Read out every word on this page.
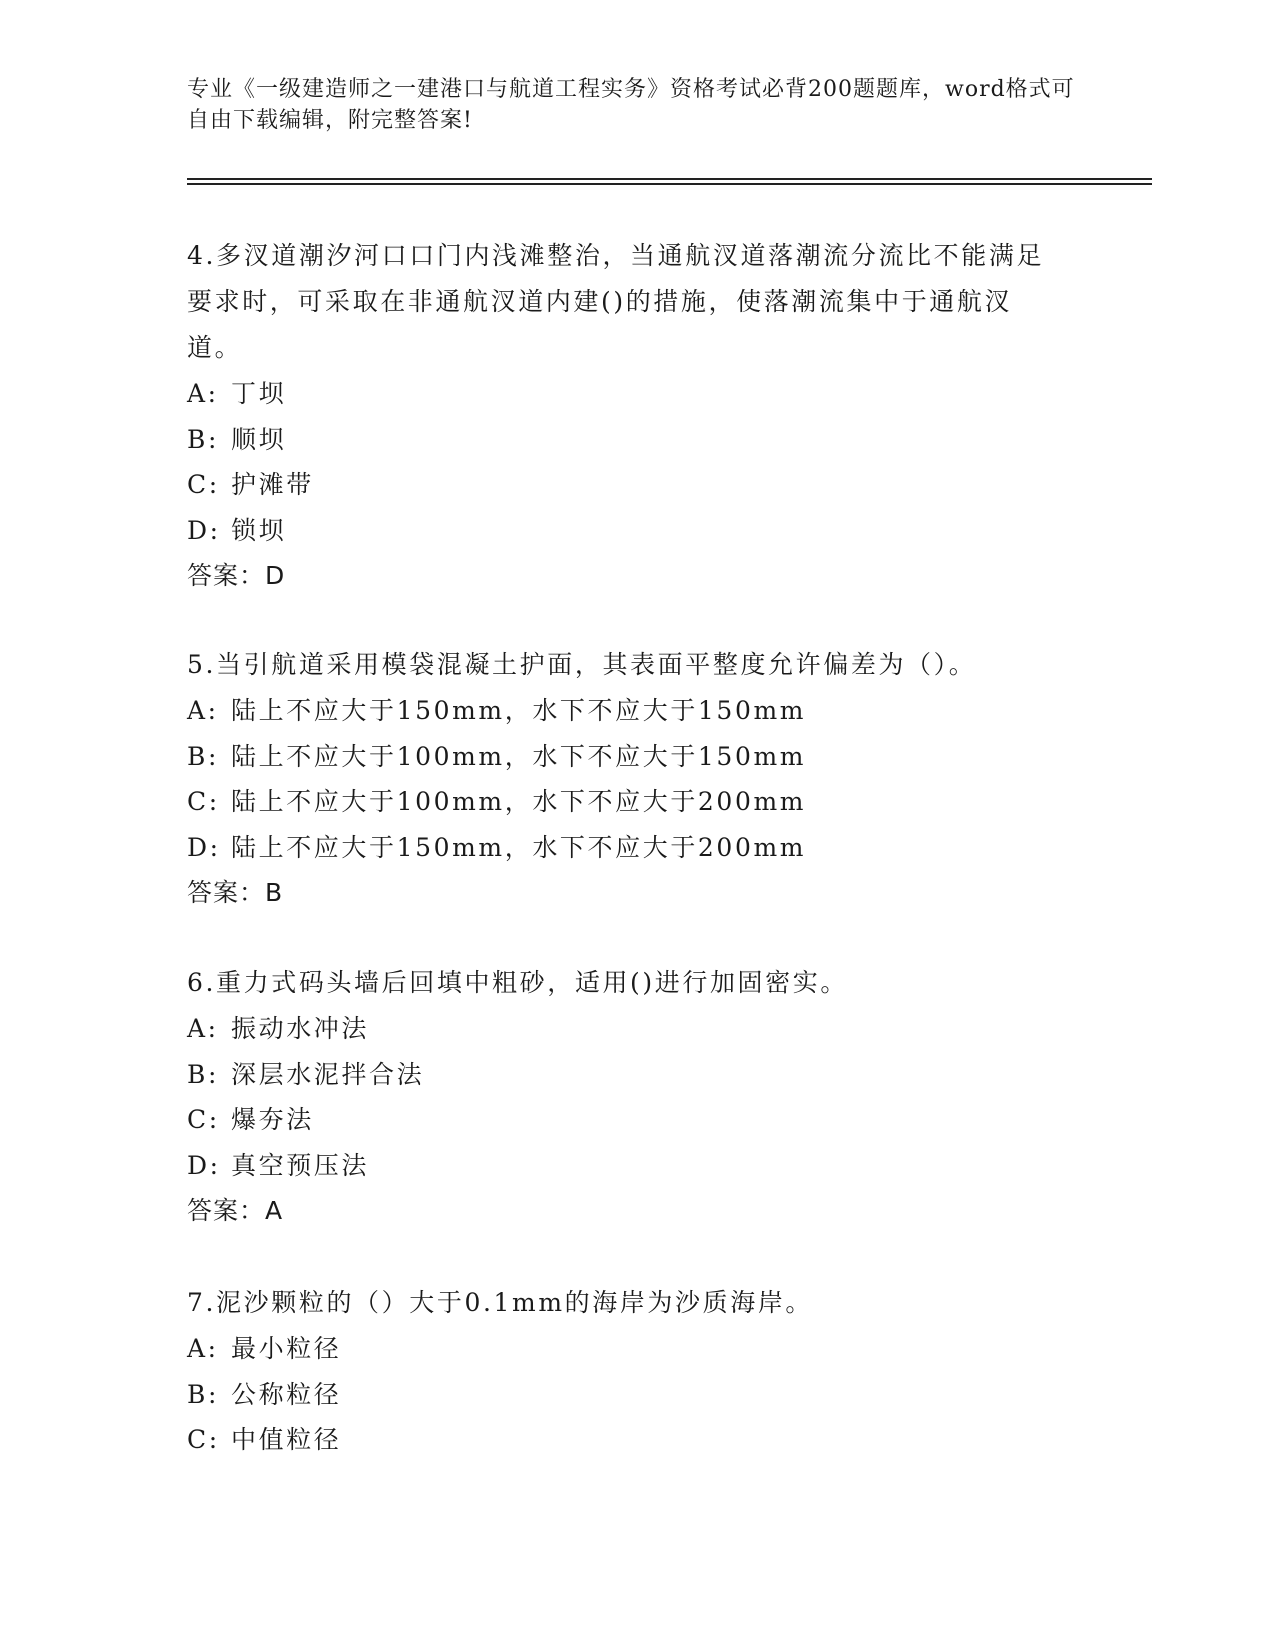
专业《一级建造师之一建港口与航道工程实务》资格考试必背200题题库，word格式可自由下载编辑，附完整答案!

4.多汊道潮汐河口口门内浅滩整治，当通航汊道落潮流分流比不能满足要求时，可采取在非通航汊道内建()的措施，使落潮流集中于通航汊道。

A: 丁坝

B: 顺坝

C: 护滩带

D: 锁坝

答案：D

5.当引航道采用模袋混凝土护面，其表面平整度允许偏差为（）。

A: 陆上不应大于150mm，水下不应大于150mm

B: 陆上不应大于100mm，水下不应大于150mm

C: 陆上不应大于100mm，水下不应大于200mm

D: 陆上不应大于150mm，水下不应大于200mm

答案：B

6.重力式码头墙后回填中粗砂，适用()进行加固密实。

A: 振动水冲法

B: 深层水泥拌合法

C: 爆夯法

D: 真空预压法

答案：A

7.泥沙颗粒的（）大于0.1mm的海岸为沙质海岸。

A: 最小粒径

B: 公称粒径

C: 中值粒径
